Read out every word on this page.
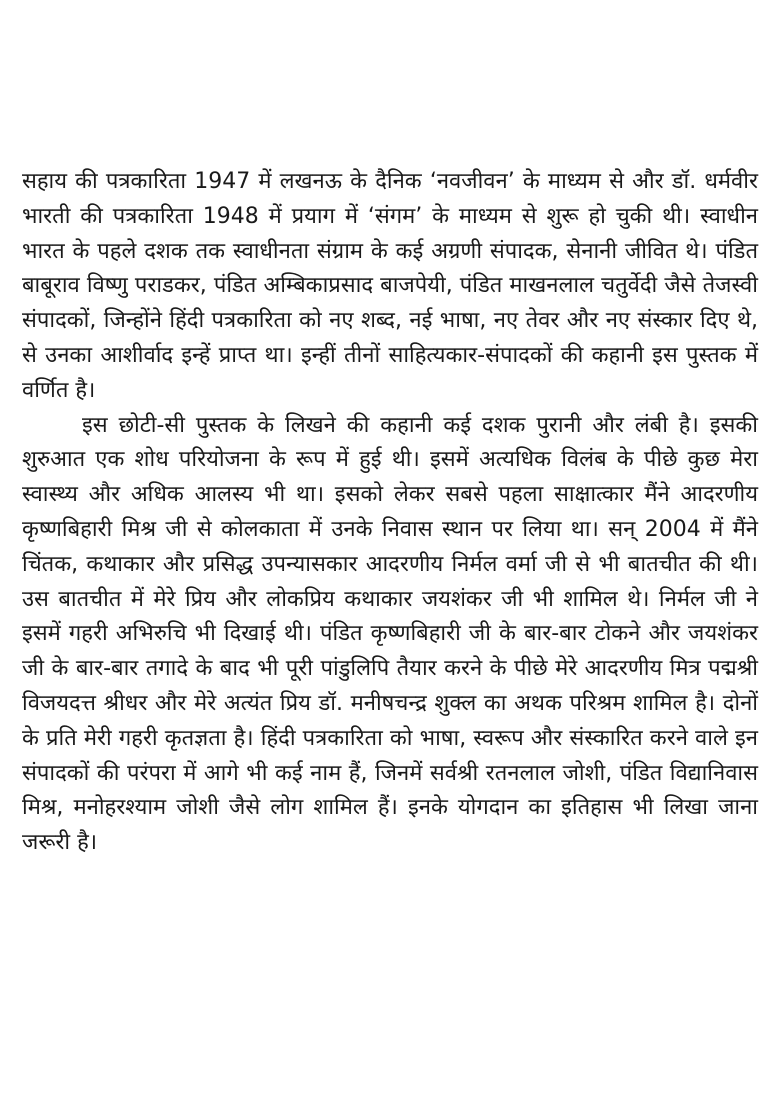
सहाय की पत्रकारिता 1947 में लखनऊ के दैनिक ‘नवजीवन’ के माध्यम से और डॉ. धर्मवीर भारती की पत्रकारिता 1948 में प्रयाग में ‘संगम’ के माध्यम से शुरू हो चुकी थी। स्वाधीन भारत के पहले दशक तक स्वाधीनता संग्राम के कई अग्रणी संपादक, सेनानी जीवित थे। पंडित बाबूराव विष्णु पराडकर, पंडित अम्बिकाप्रसाद बाजपेयी, पंडित माखनलाल चतुर्वेदी जैसे तेजस्वी संपादकों, जिन्होंने हिंदी पत्रकारिता को नए शब्द, नई भाषा, नए तेवर और नए संस्कार दिए थे, से उनका आशीर्वाद इन्हें प्राप्त था। इन्हीं तीनों साहित्यकार-संपादकों की कहानी इस पुस्तक में वर्णित है।

इस छोटी-सी पुस्तक के लिखने की कहानी कई दशक पुरानी और लंबी है। इसकी शुरुआत एक शोध परियोजना के रूप में हुई थी। इसमें अत्यधिक विलंब के पीछे कुछ मेरा स्वास्थ्य और अधिक आलस्य भी था। इसको लेकर सबसे पहला साक्षात्कार मैंने आदरणीय कृष्णबिहारी मिश्र जी से कोलकाता में उनके निवास स्थान पर लिया था। सन् 2004 में मैंने चिंतक, कथाकार और प्रसिद्ध उपन्यासकार आदरणीय निर्मल वर्मा जी से भी बातचीत की थी। उस बातचीत में मेरे प्रिय और लोकप्रिय कथाकार जयशंकर जी भी शामिल थे। निर्मल जी ने इसमें गहरी अभिरुचि भी दिखाई थी। पंडित कृष्णबिहारी जी के बार-बार टोकने और जयशंकर जी के बार-बार तगादे के बाद भी पूरी पांडुलिपि तैयार करने के पीछे मेरे आदरणीय मित्र पद्मश्री विजयदत्त श्रीधर और मेरे अत्यंत प्रिय डॉ. मनीषचन्द्र शुक्ल का अथक परिश्रम शामिल है। दोनों के प्रति मेरी गहरी कृतज्ञता है। हिंदी पत्रकारिता को भाषा, स्वरूप और संस्कारित करने वाले इन संपादकों की परंपरा में आगे भी कई नाम हैं, जिनमें सर्वश्री रतनलाल जोशी, पंडित विद्यानिवास मिश्र, मनोहरश्याम जोशी जैसे लोग शामिल हैं। इनके योगदान का इतिहास भी लिखा जाना जरूरी है।
